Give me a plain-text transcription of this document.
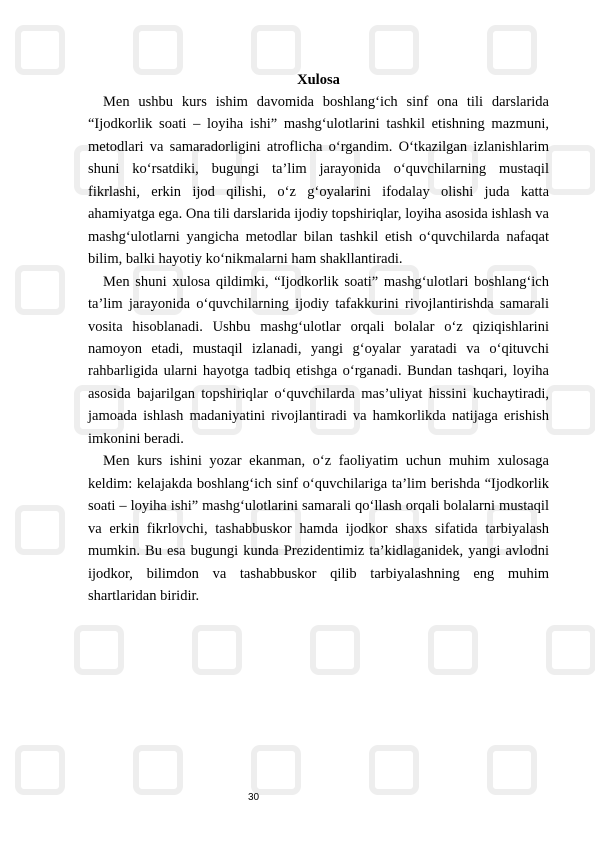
Xulosa

Men ushbu kurs ishim davomida boshlang‘ich sinf ona tili darslarida “Ijodkorlik soati – loyiha ishi” mashg‘ulotlarini tashkil etishning mazmuni, metodlari va samaradorligini atroflicha o‘rgandim. O‘tkazilgan izlanishlarim shuni ko‘rsatdiki, bugungi ta’lim jarayonida o‘quvchilarning mustaqil fikrlashi, erkin ijod qilishi, o‘z g‘oyalarini ifodalay olishi juda katta ahamiyatga ega. Ona tili darslarida ijodiy topshiriqlar, loyiha asosida ishlash va mashg‘ulotlarni yangicha metodlar bilan tashkil etish o‘quvchilarda nafaqat bilim, balki hayotiy ko‘nikmalarni ham shakllantiradi.

Men shuni xulosa qildimki, “Ijodkorlik soati” mashg‘ulotlari boshlang‘ich ta’lim jarayonida o‘quvchilarning ijodiy tafakkurini rivojlantirishda samarali vosita hisoblanadi. Ushbu mashg‘ulotlar orqali bolalar o‘z qiziqishlarini namoyon etadi, mustaqil izlanadi, yangi g‘oyalar yaratadi va o‘qituvchi rahbarligida ularni hayotga tadbiq etishga o‘rganadi. Bundan tashqari, loyiha asosida bajarilgan topshiriqlar o‘quvchilarda mas’uliyat hissini kuchaytiradi, jamoada ishlash madaniyatini rivojlantiradi va hamkorlikda natijaga erishish imkonini beradi.

Men kurs ishini yozar ekanman, o‘z faoliyatim uchun muhim xulosaga keldim: kelajakda boshlang‘ich sinf o‘quvchilariga ta’lim berishda “Ijodkorlik soati – loyiha ishi” mashg‘ulotlarini samarali qo‘llash orqali bolalarni mustaqil va erkin fikrlovchi, tashabbuskor hamda ijodkor shaxs sifatida tarbiyalash mumkin. Bu esa bugungi kunda Prezidentimiz ta’kidlaganidek, yangi avlodni ijodkor, bilimdon va tashabbuskor qilib tarbiyalashning eng muhim shartlaridan biridir.

30
